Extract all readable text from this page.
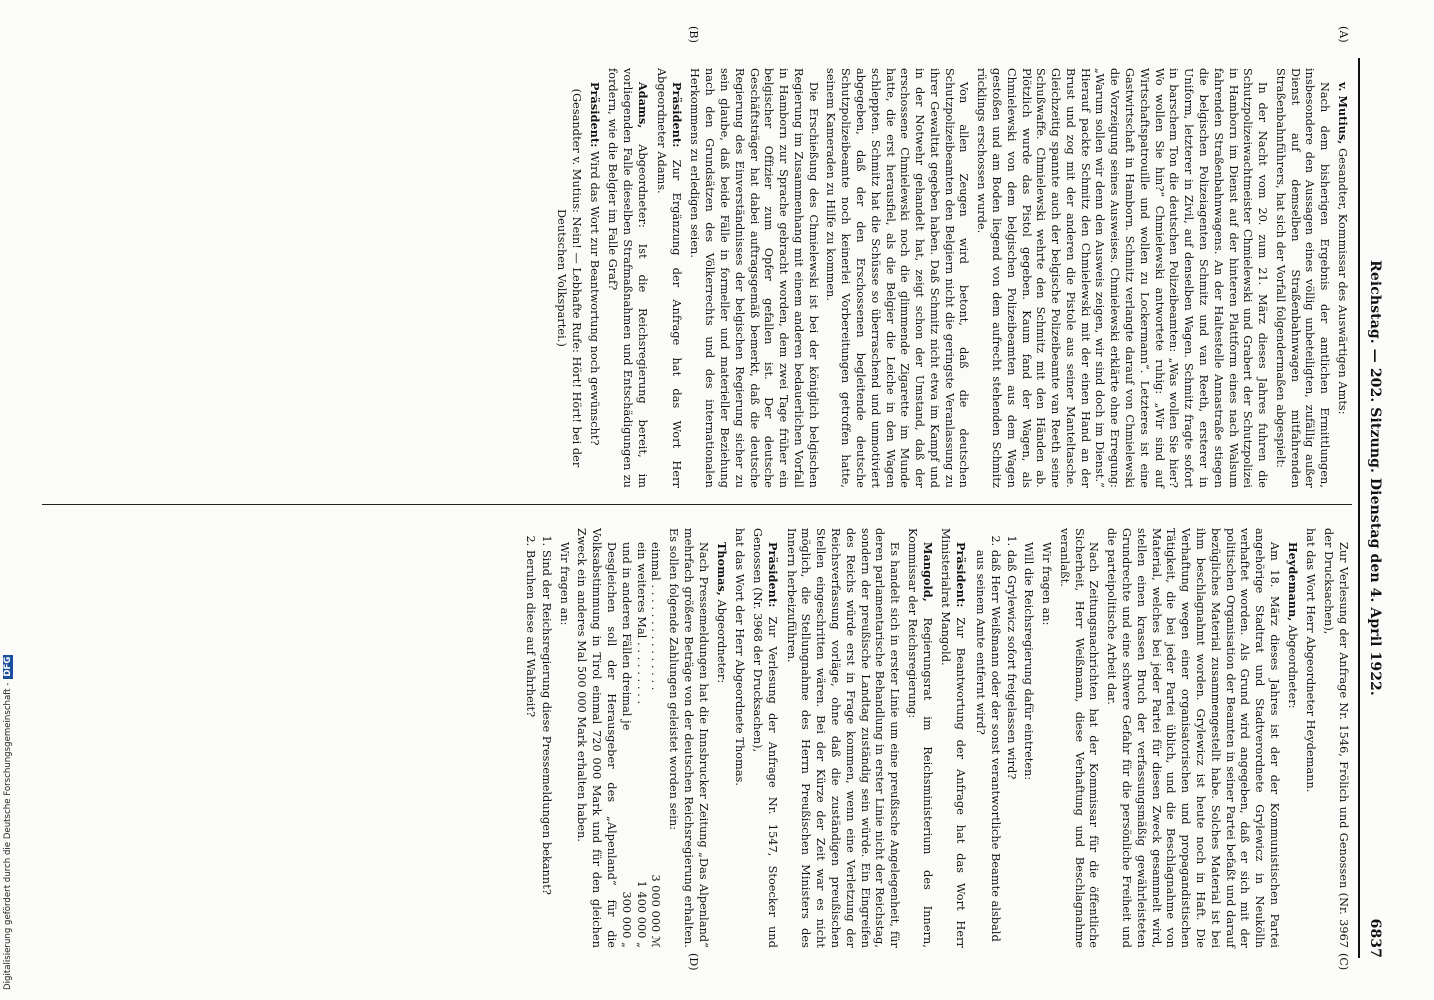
Reichstag. — 202. Sitzung. Dienstag den 4. April 1922.
6837
(A)
(B)
(C)
(D)

v. Mutius, Gesandter, Kommissar des Auswärtigen Amts:

Nach dem bisherigen Ergebnis der amtlichen Ermittlungen, insbesondere den Aussagen eines völlig unbeteiligten, zufällig außer Dienst auf demselben Straßenbahnwagen mitfahrenden Straßenbahnführers, hat sich der Vorfall folgendermaßen abgespielt:

In der Nacht vom 20. zum 21. März dieses Jahres fuhren die Schutzpolizeiwachtmeister Chmielewski und Grabert der Schutzpolizei in Hamborn im Dienst auf der hinteren Plattform eines nach Walsum fahrenden Straßenbahnwagens. An der Haltestelle Annastraße stiegen die belgischen Polizeiagenten Schmitz und van Reeth, ersterer in Uniform, letzterer in Zivil, auf denselben Wagen. Schmitz fragte sofort in barschem Ton die deutschen Polizeibeamten: „Was wollen Sie hier? Wo wollen Sie hin?“ Chmielewski antwortete ruhig: „Wir sind auf Wirtschaftspatrouille und wollen zu Lockermann“. Letzteres ist eine Gastwirtschaft in Hamborn. Schmitz verlangte darauf von Chmielewski die Vorzeigung seines Ausweises. Chmielewski erklärte ohne Erregung: „Warum sollen wir denn den Ausweis zeigen, wir sind doch im Dienst.“ Hierauf packte Schmitz den Chmielewski mit der einen Hand an der Brust und zog mit der anderen die Pistole aus seiner Manteltasche. Gleichzeitig spannte auch der belgische Polizeibeamte van Reeth seine Schußwaffe. Chmielewski wehrte den Schmitz mit den Händen ab. Plötzlich wurde das Pistol gegeben. Kaum fand der Wagen, als Chmielewski von dem belgischen Polizeibeamten aus dem Wagen gestoßen und am Boden liegend von dem aufrecht stehenden Schmitz rücklings erschossen wurde.

Von allen Zeugen wird betont, daß die deutschen Schutzpolizeibeamten den Belgiern nicht die geringste Veranlassung zu ihrer Gewalttat gegeben haben. Daß Schmitz nicht etwa im Kampf und in der Notwehr gehandelt hat, zeigt schon der Umstand, daß der erschossene Chmielewski noch die glimmende Zigarette im Munde hatte, die erst herausfiel, als die Belgier die Leiche in den Wagen schleppten. Schmitz hat die Schüsse so überraschend und unmotiviert abgegeben, daß der den Erschossenen begleitende deutsche Schutzpolizeibeamte noch keinerlei Vorbereitungen getroffen hatte, seinem Kameraden zu Hilfe zu kommen.

Die Erschießung des Chmielewski ist bei der königlich belgischen Regierung im Zusammenhang mit einem anderen bedauerlichen Vorfall in Hamborn zur Sprache gebracht worden, dem zwei Tage früher ein belgischer Offizier zum Opfer gefallen ist. Der deutsche Geschäftsträger hat dabei auftragsgemäß bemerkt, daß die deutsche Regierung des Einverständnisses der belgischen Regierung sicher zu sein glaube, daß beide Fälle in formeller und materieller Beziehung nach den Grundsätzen des Völkerrechts und des internationalen Herkommens zu erledigen seien.

Präsident: Zur Ergänzung der Anfrage hat das Wort Herr Abgeordneter Adams.

Adams, Abgeordneter: Ist die Reichsregierung bereit, im vorliegenden Falle dieselben Strafmaßnahmen und Entschädigungen zu fordern, wie die Belgier im Falle Graf?

Präsident: Wird das Wort zur Beantwortung noch gewünscht?

(Gesandter v. Mutius: Nein! — Lebhafte Rufe: Hört! Hört! bei der Deutschen Volkspartei.)

Zur Verlesung der Anfrage Nr. 1546, Frölich und Genossen (Nr. 3967 der Drucksachen),

hat das Wort Herr Abgeordneter Heydemann.

Heydemann, Abgeordneter:

Am 18. März dieses Jahres ist der der Kommunistischen Partei angehörige Stadtrat und Stadtverordnete Grylewicz in Neukölln verhaftet worden. Als Grund wird angegeben, daß er sich mit der politischen Organisation der Beamten in seiner Partei befaßt und darauf bezügliches Material zusammengestellt habe. Solches Material ist bei ihm beschlagnahmt worden. Grylewicz ist heute noch in Haft. Die Verhaftung wegen einer organisatorischen und propagandistischen Tätigkeit, die bei jeder Partei üblich, und die Beschlagnahme von Material, welches bei jeder Partei für diesen Zweck gesammelt wird, stellen einen krassen Bruch der verfassungsmäßig gewährleisteten Grundrechte und eine schwere Gefahr für die persönliche Freiheit und die parteipolitische Arbeit dar.

Nach Zeitungsnachrichten hat der Kommissar für die öffentliche Sicherheit, Herr Weißmann, diese Verhaftung und Beschlagnahme veranlaßt.

Wir fragen an:

Will die Reichsregierung dafür eintreten:

1. daß Grylewicz sofort freigelassen wird?
2. daß Herr Weißmann oder der sonst verantwortliche Beamte alsbald aus seinem Amte entfernt wird?

Präsident: Zur Beantwortung der Anfrage hat das Wort Herr Ministerialrat Mangold.

Mangold, Regierungsrat im Reichsministerium des Innern, Kommissar der Reichsregierung:

Es handelt sich in erster Linie um eine preußische Angelegenheit, für deren parlamentarische Behandlung in erster Linie nicht der Reichstag, sondern der preußische Landtag zuständig sein würde. Ein Eingreifen des Reichs würde erst in Frage kommen, wenn eine Verletzung der Reichsverfassung vorläge, ohne daß die zuständigen preußischen Stellen eingeschritten wären. Bei der Kürze der Zeit war es nicht möglich, die Stellungnahme des Herrn Preußischen Ministers des Innern herbeizuführen.

Präsident: Zur Verlesung der Anfrage Nr. 1547, Stoecker und Genossen (Nr. 3968 der Drucksachen),

hat das Wort der Herr Abgeordnete Thomas.

Thomas, Abgeordneter:

Nach Pressemeldungen hat die Innsbrucker Zeitung „Das Alpenland“ mehrfach größere Beträge von der deutschen Reichsregierung erhalten. Es sollen folgende Zahlungen geleistet worden sein:

einmal . . . . . . . . . . . . . . .
3 000 000 ℳ
ein weiteres Mal . . . . . . . . .
1 400 000 „
und in anderen Fällen dreimal je
300 000 „

Desgleichen soll der Herausgeber des „Alpenland“ für die Volksabstimmung in Tirol einmal 720 000 Mark und für den gleichen Zweck ein anderes Mal 500 000 Mark erhalten haben.

Wir fragen an:

1. Sind der Reichsregierung diese Pressemeldungen bekannt?
2. Beruhen diese auf Wahrheit?
Digitalisierung gefördert durch die Deutsche Forschungsgemeinschaft -DFG
